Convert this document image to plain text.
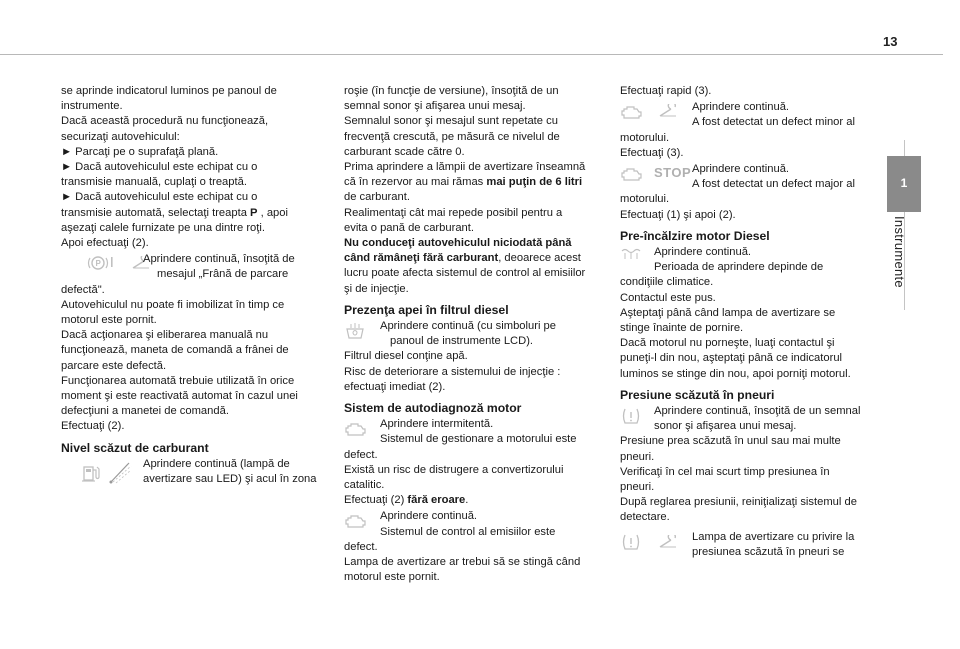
13
1
Instrumente
se aprinde indicatorul luminos pe panoul de
instrumente.
Dacă această procedură nu funcţionează,
securizaţi autovehiculul:
► Parcaţi pe o suprafaţă plană.
► Dacă autovehiculul este echipat cu o
transmisie manuală, cuplaţi o treaptă.
► Dacă autovehiculul este echipat cu o
transmisie automată, selectaţi treapta P , apoi
aşezaţi calele furnizate pe una dintre roţi.
Apoi efectuaţi (2).
P	Aprindere continuă, însoţită de
mesajul „Frână de parcare
defectă".
Autovehiculul nu poate fi imobilizat în timp ce
motorul este pornit.
Dacă acţionarea şi eliberarea manuală nu
funcţionează, maneta de comandă a frânei de
parcare este defectă.
Funcţionarea automată trebuie utilizată în orice
moment şi este reactivată automat în cazul unei
defecţiuni a manetei de comandă.
Efectuaţi (2).
Nivel scăzut de carburant
Aprindere continuă (lampă de
avertizare sau LED) şi acul în zona
roşie (în funcţie de versiune), însoţită de un
semnal sonor şi afişarea unui mesaj.
Semnalul sonor şi mesajul sunt repetate cu
frecvenţă crescută, pe măsură ce nivelul de
carburant scade către 0.
Prima aprindere a lămpii de avertizare înseamnă
că în rezervor au mai rămas mai puţin de 6 litri
de carburant.
Realimentaţi cât mai repede posibil pentru a
evita o pană de carburant.
Nu conduceţi autovehiculul niciodată până
când rămâneţi fără carburant, deoarece acest
lucru poate afecta sistemul de control al emisiilor
şi de injecţie.
Prezenţa apei în filtrul diesel
Aprindere continuă (cu simboluri pe
panoul de instrumente LCD).
Filtrul diesel conţine apă.
Risc de deteriorare a sistemului de injecţie :
efectuaţi imediat (2).
Sistem de autodiagnoză motor
Aprindere intermitentă.
Sistemul de gestionare a motorului este
defect.
Există un risc de distrugere a convertizorului
catalitic.
Efectuaţi (2) fără eroare.
Aprindere continuă.
Sistemul de control al emisiilor este
defect.
Lampa de avertizare ar trebui să se stingă când
motorul este pornit.
Efectuaţi rapid (3).
Aprindere continuă.
A fost detectat un defect minor al
motorului.
Efectuaţi (3).
STOP Aprindere continuă.
A fost detectat un defect major al
motorului.
Efectuaţi (1) şi apoi (2).
Pre-încălzire motor Diesel
Aprindere continuă.
Perioada de aprindere depinde de
condiţiile climatice.
Contactul este pus.
Aşteptaţi până când lampa de avertizare se
stinge înainte de pornire.
Dacă motorul nu porneşte, luaţi contactul şi
puneţi-l din nou, aşteptaţi până ce indicatorul
luminos se stinge din nou, apoi porniţi motorul.
Presiune scăzută în pneuri
Aprindere continuă, însoţită de un semnal
sonor şi afişarea unui mesaj.
Presiune prea scăzută în unul sau mai multe
pneuri.
Verificaţi în cel mai scurt timp presiunea în
pneuri.
După reglarea presiunii, reiniţializaţi sistemul de
detectare.
Lampa de avertizare cu privire la
presiunea scăzută în pneuri se
